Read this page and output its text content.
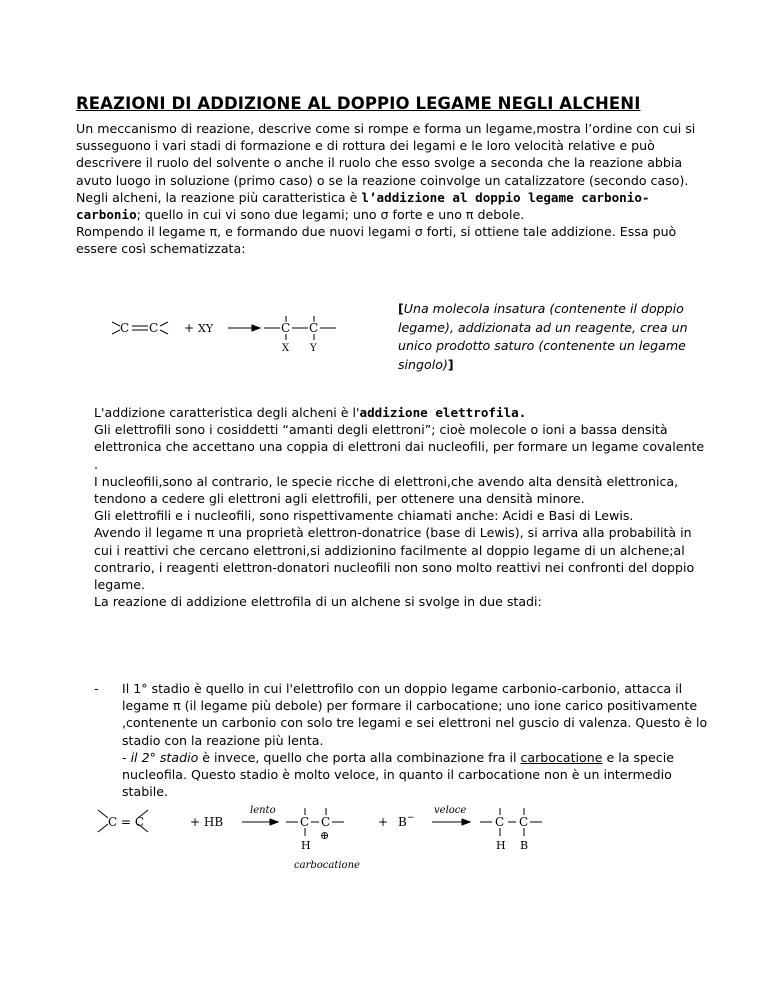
REAZIONI DI ADDIZIONE AL DOPPIO LEGAME NEGLI ALCHENI

Un meccanismo di reazione, descrive come si rompe e forma un legame,mostra l’ordine con cui si susseguono i vari stadi di formazione e di rottura dei legami e le loro velocità relative e può descrivere il ruolo del solvente o anche il ruolo che esso svolge a seconda che la reazione abbia avuto luogo in soluzione (primo caso) o se la reazione coinvolge un catalizzatore (secondo caso).

Negli alcheni, la reazione più caratteristica è l’addizione al doppio legame carbonio-carbonio; quello in cui vi sono due legami; uno σ forte e uno π debole.

Rompendo il legame π, e formando due nuovi legami σ forti, si ottiene tale addizione. Essa può essere così schematizzata:

C C + XY	C C
X Y
[Una molecola insatura (contenente il doppio legame), addizionata ad un reagente, crea un unico prodotto saturo (contenente un legame singolo)]

L'addizione caratteristica degli alcheni è l'addizione elettrofila.

Gli elettrofili sono i cosiddetti “amanti degli elettroni”; cioè molecole o ioni a bassa densità elettronica che accettano una coppia di elettroni dai nucleofili, per formare un legame covalente .

I nucleofili,sono al contrario, le specie ricche di elettroni,che avendo alta densità elettronica, tendono a cedere gli elettroni agli elettrofili, per ottenere una densità minore.

Gli elettrofili e i nucleofili, sono rispettivamente chiamati anche: Acidi e Basi di Lewis.

Avendo il legame π una proprietà elettron-donatrice (base di Lewis), si arriva alla probabilità in cui i reattivi che cercano elettroni,si addizionino facilmente al doppio legame di un alchene;al contrario, i reagenti elettron-donatori nucleofili non sono molto reattivi nei confronti del doppio legame.

La reazione di addizione elettrofila di un alchene si svolge in due stadi:

-	Il 1° stadio è quello in cui l'elettrofilo con un doppio legame carbonio-carbonio, attacca il legame π (il legame più debole) per formare il carbocatione; uno ione carico positivamente ,contenente un carbonio con solo tre legami e sei elettroni nel guscio di valenza. Questo è lo stadio con la reazione più lenta.

- il 2° stadio è invece, quello che porta alla combinazione fra il carbocatione e la specie nucleofila. Questo stadio è molto veloce, in quanto il carbocatione non è un intermedio stabile.

C = C	+ HB
lento
C C
⊕
H
carbocatione
+ B −
veloce
C C
H B
